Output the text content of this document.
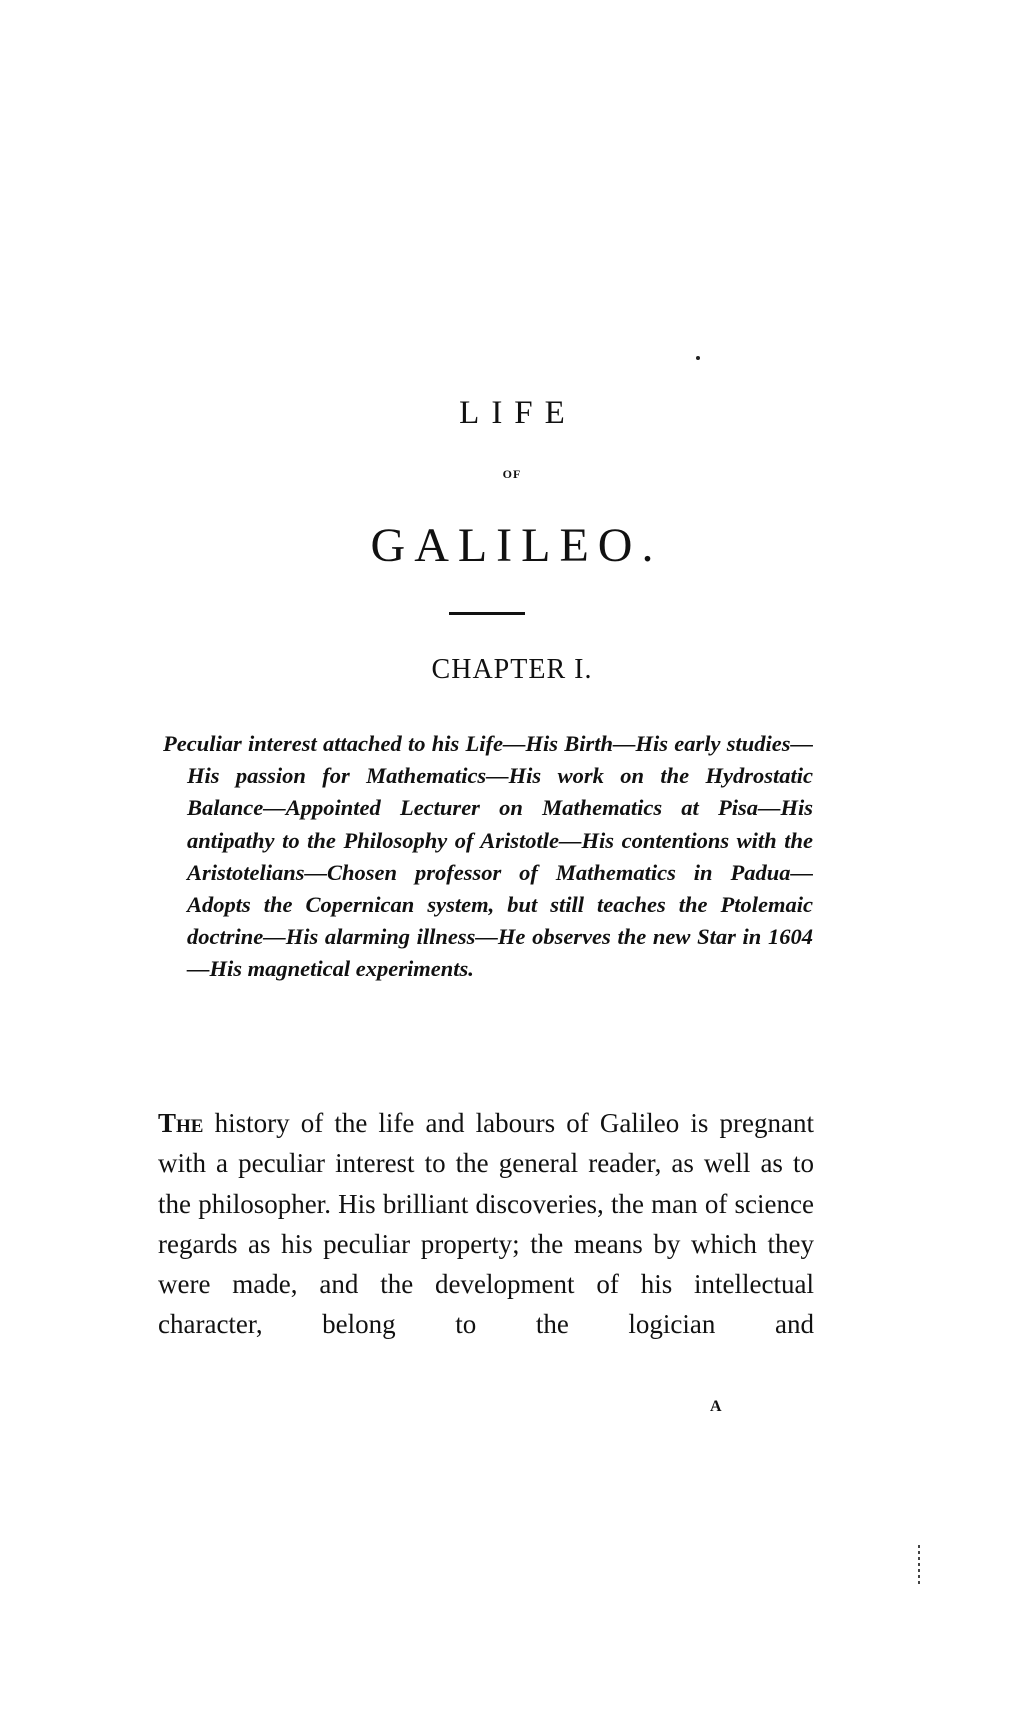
LIFE
OF
GALILEO.
CHAPTER I.
Peculiar interest attached to his Life—His Birth—His early studies—His passion for Mathematics—His work on the Hydrostatic Balance—Appointed Lecturer on Mathematics at Pisa—His antipathy to the Philosophy of Aristotle—His contentions with the Aristotelians—Chosen professor of Mathematics in Padua—Adopts the Copernican system, but still teaches the Ptolemaic doctrine—His alarming illness—He observes the new Star in 1604—His magnetical experiments.
The history of the life and labours of Galileo is pregnant with a peculiar interest to the general reader, as well as to the philosopher. His brilliant discoveries, the man of science regards as his peculiar property; the means by which they were made, and the development of his intellectual character, belong to the logician and
A
